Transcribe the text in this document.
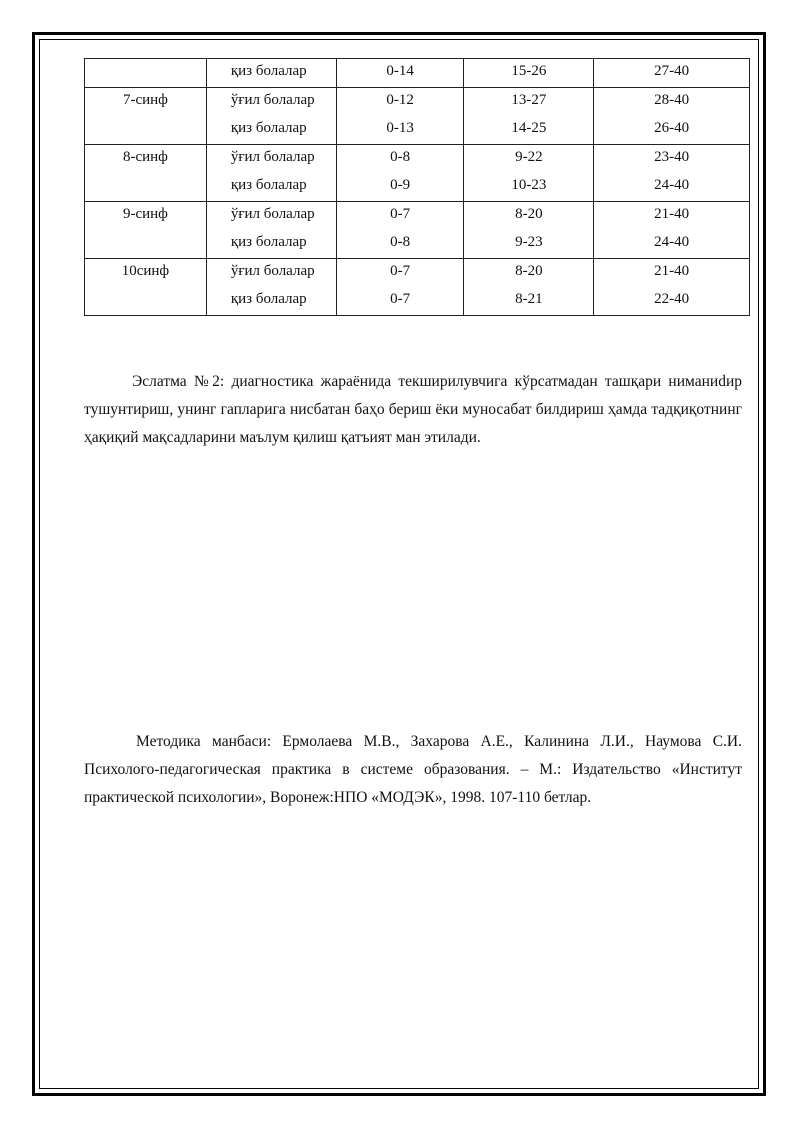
	қиз болалар	0-14	15-26	27-40

7-синф	ўғил болалар	0-12	13-27	28-40

	қиз болалар	0-13	14-25	26-40

8-синф	ўғил болалар	0-8	9-22	23-40

	қиз болалар	0-9	10-23	24-40

9-синф	ўғил болалар	0-7	8-20	21-40

	қиз болалар	0-8	9-23	24-40

10синф	ўғил болалар	0-7	8-20	21-40

	қиз болалар	0-7	8-21	22-40

Эслатма №2: диагностика жараёнида текширилувчига кўрсатмадан ташқари ниманиdир тушунтириш, унинг гапларига нисбатан баҳо бериш ёки муносабат билдириш ҳамда тадқиқотнинг ҳақиқий мақсадларини маълум қилиш қатъият ман этилади.

Методика манбаси: Ермолаева М.В., Захарова А.Е., Калинина Л.И., Наумова С.И. Психолого-педагогическая практика в системе образования. – М.: Издательство «Институт практической психологии», Воронеж:НПО «МОДЭК», 1998. 107-110 бетлар.
